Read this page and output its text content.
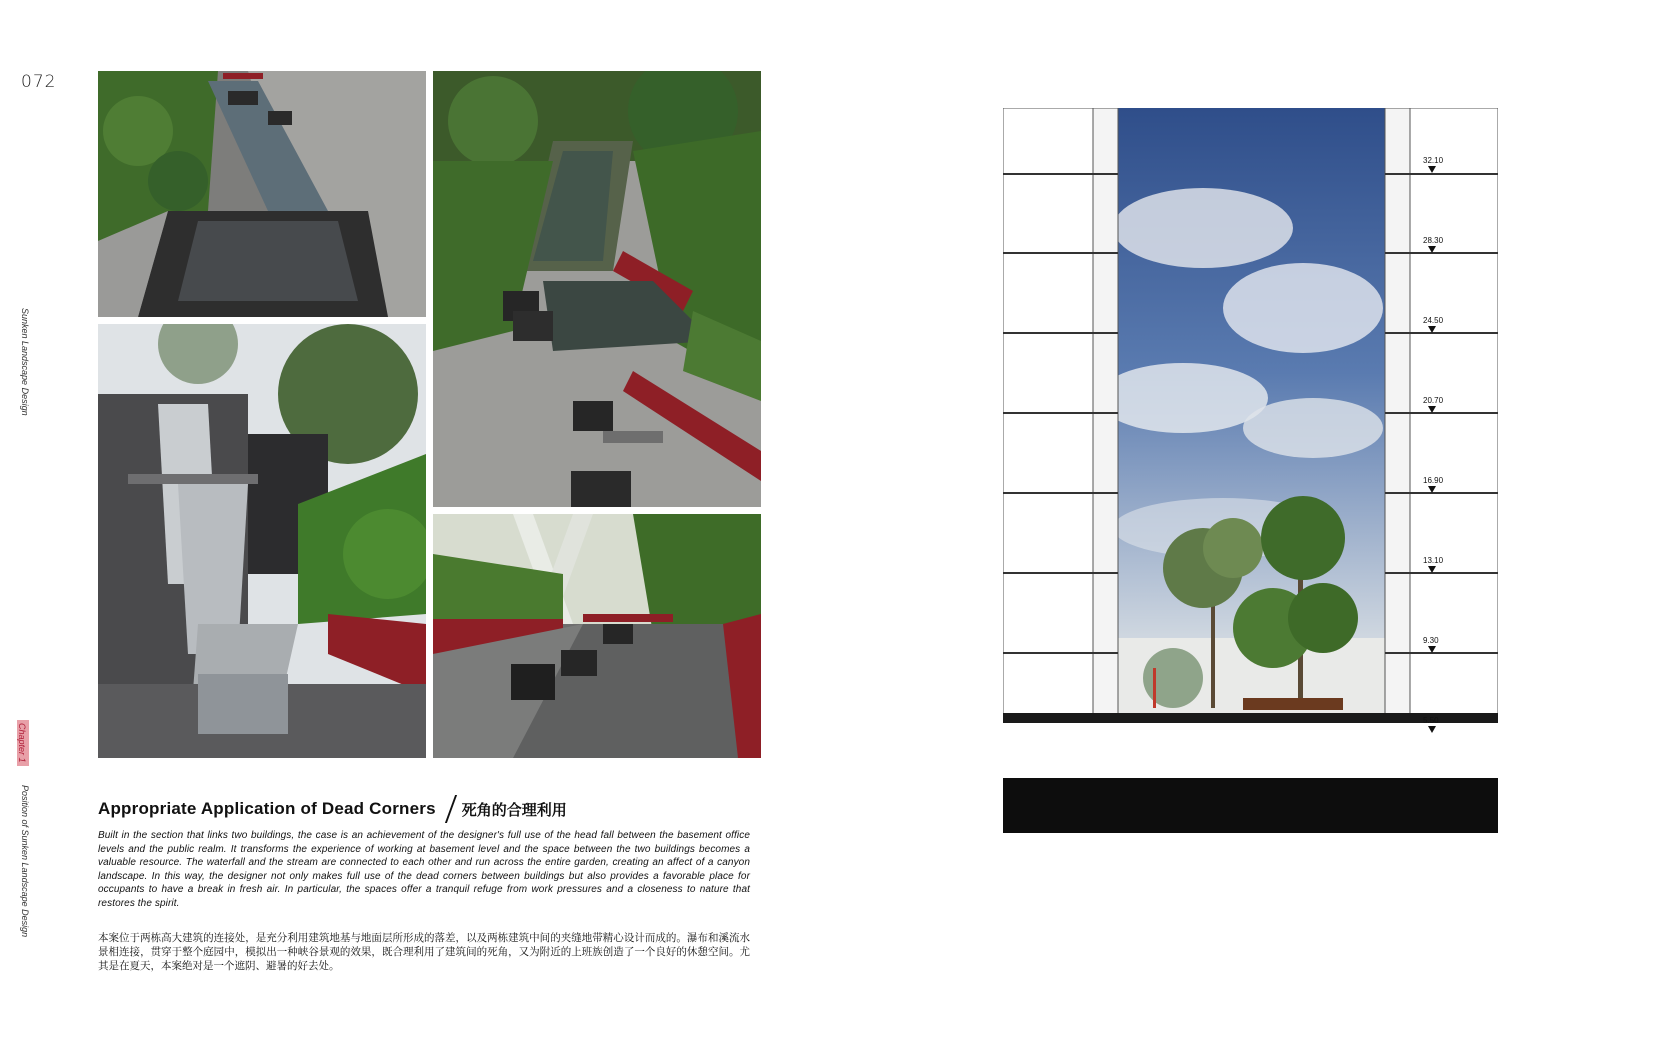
072
Sunken Landscape Design
Chapter 1
Position of Sunken Landscape Design	Appropriate Application of Dead Corners 死角的合理利用
Built in the section that links two buildings, the case is an achievement of the designer's full use of the head fall between the basement office levels and the public realm. It transforms the experience of working at basement level and the space between the two buildings becomes a valuable resource. The waterfall and the stream are connected to each other and run across the entire garden, creating an affect of a canyon landscape. In this way, the designer not only makes full use of the dead corners between buildings but also provides a favorable place for occupants to have a break in fresh air. In particular, the spaces offer a tranquil refuge from work pressures and a closeness to nature that restores the spirit.
本案位于两栋高大建筑的连接处，是充分利用建筑地基与地面层所形成的落差，以及两栋建筑中间的夹缝地带精心设计而成的。瀑布和溪流水景相连接，贯穿于整个庭园中，模拟出一种峡谷景观的效果，既合理利用了建筑间的死角，又为附近的上班族创造了一个良好的休憩空间。尤其是在夏天，本案绝对是一个遮阴、避暑的好去处。
32.10
28.30
24.50
20.70
16.90
13.10
9.30
5.50
